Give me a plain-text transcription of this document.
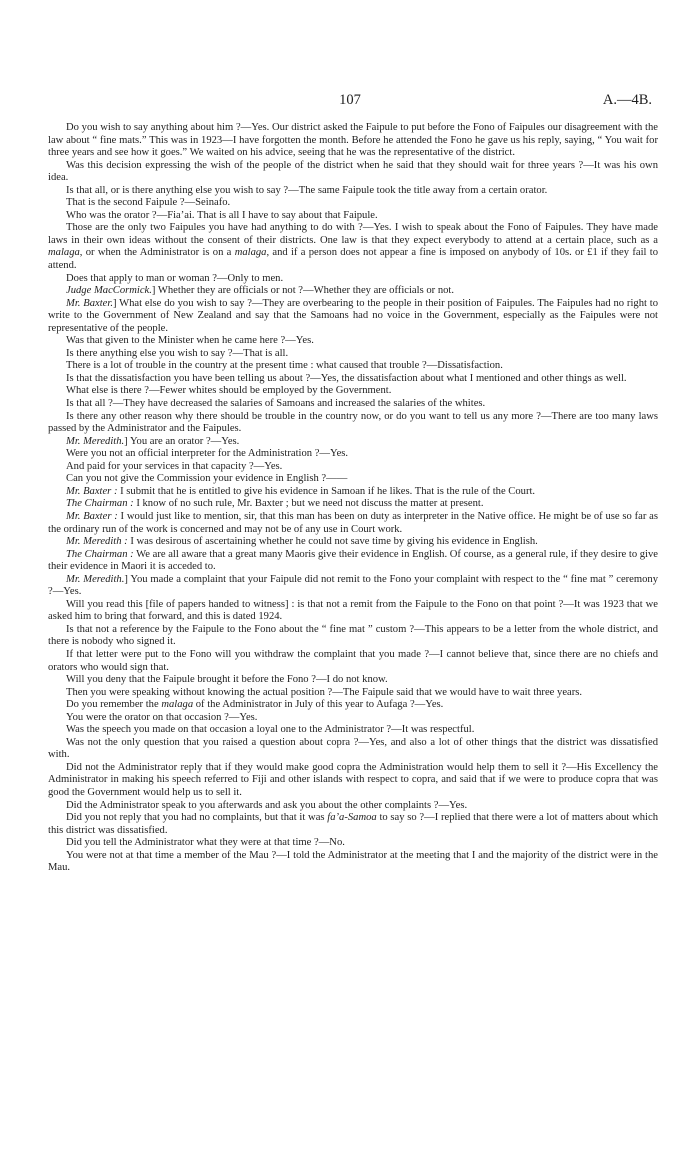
107	A.—4B.

Do you wish to say anything about him ?—Yes. Our district asked the Faipule to put before the Fono of Faipules our disagreement with the law about “ fine mats.” This was in 1923—I have forgotten the month. Before he attended the Fono he gave us his reply, saying, “ You wait for three years and see how it goes.” We waited on his advice, seeing that he was the representative of the district.

Was this decision expressing the wish of the people of the district when he said that they should wait for three years ?—It was his own idea.

Is that all, or is there anything else you wish to say ?—The same Faipule took the title away from a certain orator.

That is the second Faipule ?—Seinafo.

Who was the orator ?—Fia’ai. That is all I have to say about that Faipule.

Those are the only two Faipules you have had anything to do with ?—Yes. I wish to speak about the Fono of Faipules. They have made laws in their own ideas without the consent of their districts. One law is that they expect everybody to attend at a certain place, such as a malaga, or when the Administrator is on a malaga, and if a person does not appear a fine is imposed on anybody of 10s. or £1 if they fail to attend.

Does that apply to man or woman ?—Only to men.

Judge MacCormick.] Whether they are officials or not ?—Whether they are officials or not.

Mr. Baxter.] What else do you wish to say ?—They are overbearing to the people in their position of Faipules. The Faipules had no right to write to the Government of New Zealand and say that the Samoans had no voice in the Government, especially as the Faipules were not representative of the people.

Was that given to the Minister when he came here ?—Yes.

Is there anything else you wish to say ?—That is all.

There is a lot of trouble in the country at the present time : what caused that trouble ?—Dissatisfaction.

Is that the dissatisfaction you have been telling us about ?—Yes, the dissatisfaction about what I mentioned and other things as well.

What else is there ?—Fewer whites should be employed by the Government.

Is that all ?—They have decreased the salaries of Samoans and increased the salaries of the whites.

Is there any other reason why there should be trouble in the country now, or do you want to tell us any more ?—There are too many laws passed by the Administrator and the Faipules.

Mr. Meredith.] You are an orator ?—Yes.

Were you not an official interpreter for the Administration ?—Yes.

And paid for your services in that capacity ?—Yes.

Can you not give the Commission your evidence in English ?——

Mr. Baxter : I submit that he is entitled to give his evidence in Samoan if he likes. That is the rule of the Court.

The Chairman : I know of no such rule, Mr. Baxter ; but we need not discuss the matter at present.

Mr. Baxter : I would just like to mention, sir, that this man has been on duty as interpreter in the Native office. He might be of use so far as the ordinary run of the work is concerned and may not be of any use in Court work.

Mr. Meredith : I was desirous of ascertaining whether he could not save time by giving his evidence in English.

The Chairman : We are all aware that a great many Maoris give their evidence in English. Of course, as a general rule, if they desire to give their evidence in Maori it is acceded to.

Mr. Meredith.] You made a complaint that your Faipule did not remit to the Fono your complaint with respect to the “ fine mat ” ceremony ?—Yes.

Will you read this [file of papers handed to witness] : is that not a remit from the Faipule to the Fono on that point ?—It was 1923 that we asked him to bring that forward, and this is dated 1924.

Is that not a reference by the Faipule to the Fono about the “ fine mat ” custom ?—This appears to be a letter from the whole district, and there is nobody who signed it.

If that letter were put to the Fono will you withdraw the complaint that you made ?—I cannot believe that, since there are no chiefs and orators who would sign that.

Will you deny that the Faipule brought it before the Fono ?—I do not know.

Then you were speaking without knowing the actual position ?—The Faipule said that we would have to wait three years.

Do you remember the malaga of the Administrator in July of this year to Aufaga ?—Yes.

You were the orator on that occasion ?—Yes.

Was the speech you made on that occasion a loyal one to the Administrator ?—It was respectful.

Was not the only question that you raised a question about copra ?—Yes, and also a lot of other things that the district was dissatisfied with.

Did not the Administrator reply that if they would make good copra the Administration would help them to sell it ?—His Excellency the Administrator in making his speech referred to Fiji and other islands with respect to copra, and said that if we were to produce copra that was good the Government would help us to sell it.

Did the Administrator speak to you afterwards and ask you about the other complaints ?—Yes.

Did you not reply that you had no complaints, but that it was fa’a-Samoa to say so ?—I replied that there were a lot of matters about which this district was dissatisfied.

Did you tell the Administrator what they were at that time ?—No.

You were not at that time a member of the Mau ?—I told the Administrator at the meeting that I and the majority of the district were in the Mau.
